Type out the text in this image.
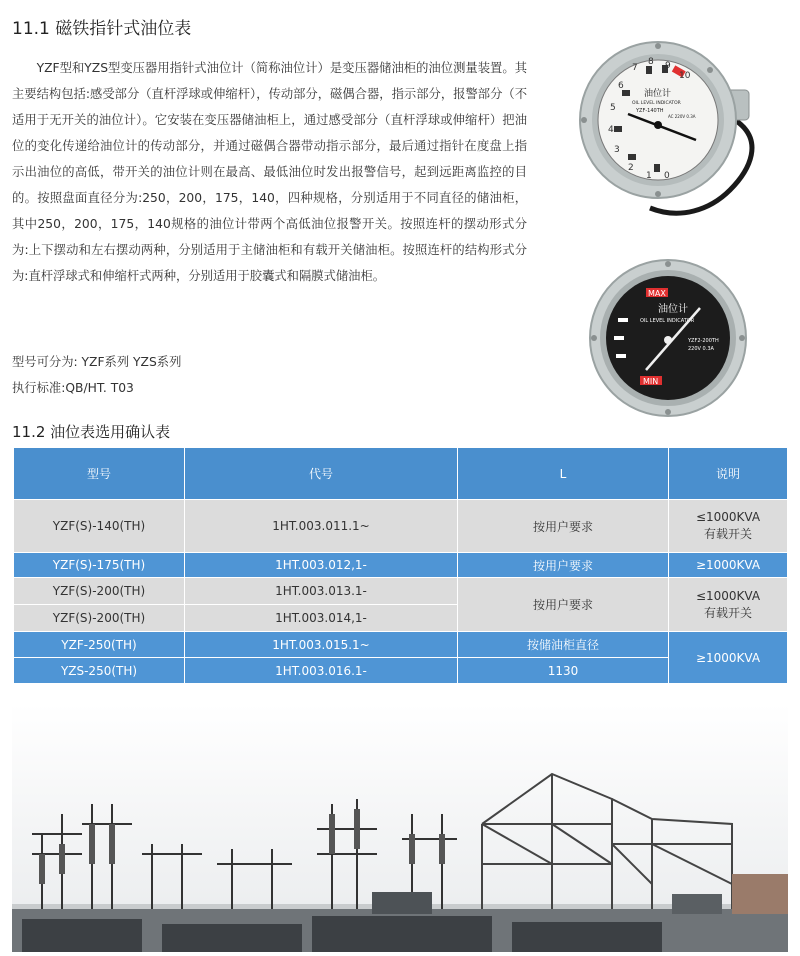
11.1 磁铁指针式油位表

YZF型和YZS型变压器用指针式油位计（简称油位计）是变压器储油柜的油位测量装置。其主要结构包括:感受部分（直杆浮球或伸缩杆），传动部分，磁偶合器，指示部分，报警部分（不适用于无开关的油位计）。它安装在变压器储油柜上，通过感受部分（直杆浮球或伸缩杆）把油位的变化传递给油位计的传动部分，并通过磁偶合器带动指示部分，最后通过指针在度盘上指示出油位的高低，带开关的油位计则在最高、最低油位时发出报警信号，起到远距离监控的目的。按照盘面直径分为:250，200，175，140，四种规格，分别适用于不同直径的储油柜，其中250，200，175，140规格的油位计带两个高低油位报警开关。按照连杆的摆动形式分为:上下摆动和左右摆动两种，分别适用于主储油柜和有载开关储油柜。按照连杆的结构形式分为:直杆浮球式和伸缩杆式两种，分别适用于胶囊式和隔膜式储油柜。

型号可分为: YZF系列 YZS系列
执行标准:QB/HT. T03
10
9
8
7
6
5
4
3
2
1 0
油位计
OIL LEVEL INDICATOR
YZF-140TH
AC 220V 0.3A
MAX
油位计
OIL LEVEL INDICATOR
YZF2-200TH
220V 0.3A
MIN
11.2 油位表选用确认表
型号	代号	L	说明
YZF(S)-140(TH)	1HT.003.011.1~	按用户要求	≤1000KVA
有载开关

YZF(S)-175(TH)	1HT.003.012,1-	按用户要求	≥1000KVA
YZF(S)-200(TH)	1HT.003.013.1-	按用户要求	≤1000KVA
有载开关

YZF(S)-200(TH)	1HT.003.014,1-		
YZF-250(TH)	1HT.003.015.1~	按储油柜直径	≥1000KVA
YZS-250(TH)	1HT.003.016.1-	1130	
